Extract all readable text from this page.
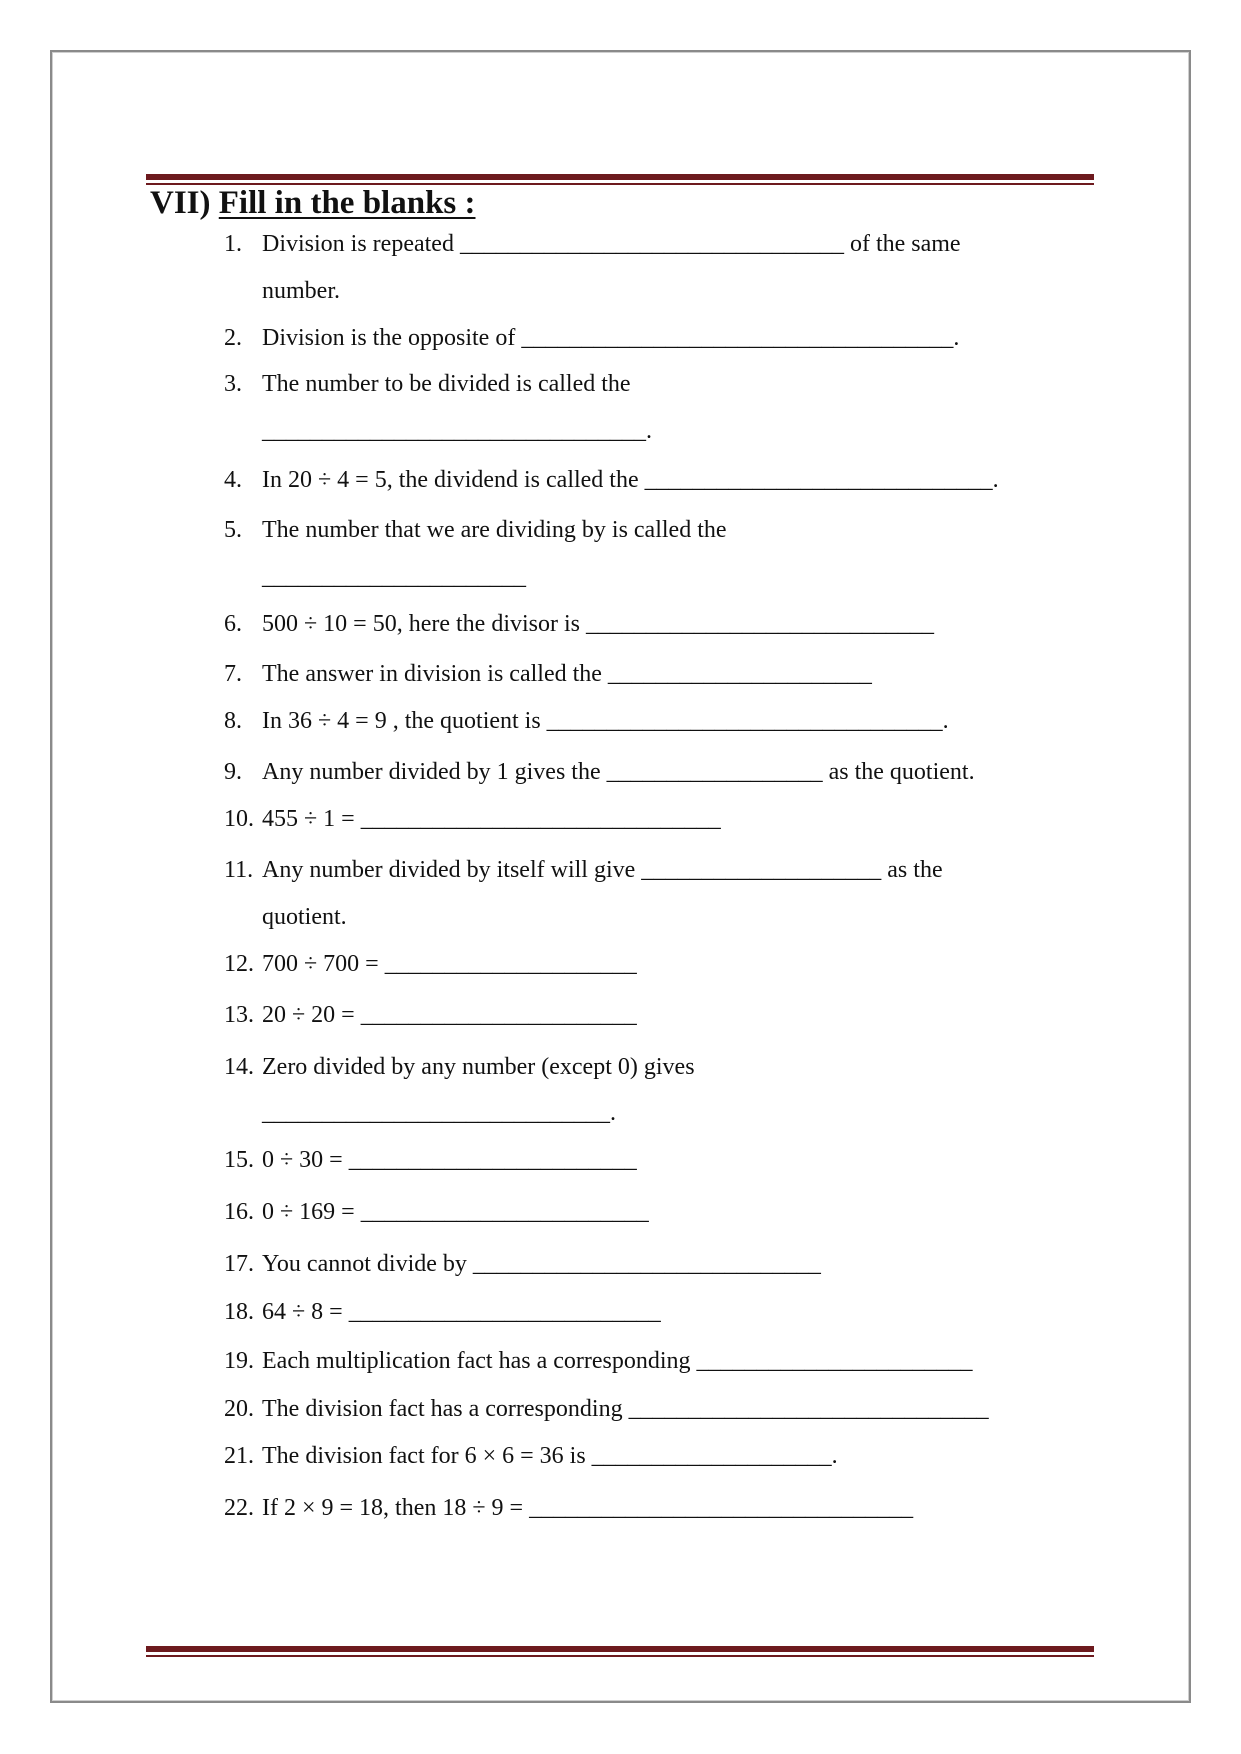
VII) Fill in the blanks :
1. Division is repeated ________________________________ of the same
number.
2. Division is the opposite of ____________________________________.
3. The number to be divided is called the
________________________________.
4. In 20 ÷ 4 = 5, the dividend is called the _____________________________.
5. The number that we are dividing by is called the
______________________
6. 500 ÷ 10 = 50, here the divisor is _____________________________
7. The answer in division is called the ______________________
8. In 36 ÷ 4 = 9 , the quotient is _________________________________.
9. Any number divided by 1 gives the __________________ as the quotient.
10. 455 ÷ 1 = ______________________________
11. Any number divided by itself will give ____________________ as the
quotient.
12. 700 ÷ 700 = _____________________
13. 20 ÷ 20 = _______________________
14. Zero divided by any number (except 0) gives
_____________________________.
15. 0 ÷ 30 = ________________________
16. 0 ÷ 169 = ________________________
17. You cannot divide by _____________________________
18. 64 ÷ 8 = __________________________
19. Each multiplication fact has a corresponding _______________________
20. The division fact has a corresponding ______________________________
21. The division fact for 6 × 6 = 36 is ____________________.
22. If 2 × 9 = 18, then 18 ÷ 9 = ________________________________
